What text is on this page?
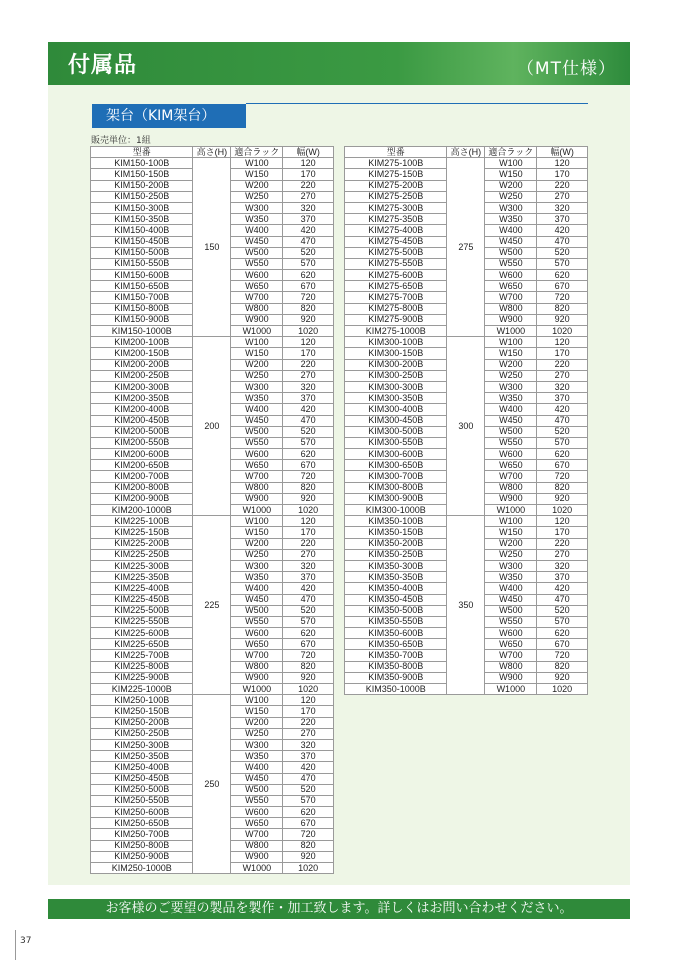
付属品	（MT仕様）
架台（KIM架台）
販売単位：1組
型番	高さ(H)	適合ラック	幅(W)
KIM150-100B	150	W100	120
KIM150-150B		W150	170
KIM150-200B		W200	220
KIM150-250B		W250	270
KIM150-300B		W300	320
KIM150-350B		W350	370
KIM150-400B		W400	420
KIM150-450B		W450	470
KIM150-500B		W500	520
KIM150-550B		W550	570
KIM150-600B		W600	620
KIM150-650B		W650	670
KIM150-700B		W700	720
KIM150-800B		W800	820
KIM150-900B		W900	920
KIM150-1000B		W1000	1020
KIM200-100B	200	W100	120
KIM200-150B		W150	170
KIM200-200B		W200	220
KIM200-250B		W250	270
KIM200-300B		W300	320
KIM200-350B		W350	370
KIM200-400B		W400	420
KIM200-450B		W450	470
KIM200-500B		W500	520
KIM200-550B		W550	570
KIM200-600B		W600	620
KIM200-650B		W650	670
KIM200-700B		W700	720
KIM200-800B		W800	820
KIM200-900B		W900	920
KIM200-1000B		W1000	1020
KIM225-100B	225	W100	120
KIM225-150B		W150	170
KIM225-200B		W200	220
KIM225-250B		W250	270
KIM225-300B		W300	320
KIM225-350B		W350	370
KIM225-400B		W400	420
KIM225-450B		W450	470
KIM225-500B		W500	520
KIM225-550B		W550	570
KIM225-600B		W600	620
KIM225-650B		W650	670
KIM225-700B		W700	720
KIM225-800B		W800	820
KIM225-900B		W900	920
KIM225-1000B		W1000	1020
KIM250-100B	250	W100	120
KIM250-150B		W150	170
KIM250-200B		W200	220
KIM250-250B		W250	270
KIM250-300B		W300	320
KIM250-350B		W350	370
KIM250-400B		W400	420
KIM250-450B		W450	470
KIM250-500B		W500	520
KIM250-550B		W550	570
KIM250-600B		W600	620
KIM250-650B		W650	670
KIM250-700B		W700	720
KIM250-800B		W800	820
KIM250-900B		W900	920
KIM250-1000B		W1000	1020
型番	高さ(H)	適合ラック	幅(W)
KIM275-100B	275	W100	120
KIM275-150B		W150	170
KIM275-200B		W200	220
KIM275-250B		W250	270
KIM275-300B		W300	320
KIM275-350B		W350	370
KIM275-400B		W400	420
KIM275-450B		W450	470
KIM275-500B		W500	520
KIM275-550B		W550	570
KIM275-600B		W600	620
KIM275-650B		W650	670
KIM275-700B		W700	720
KIM275-800B		W800	820
KIM275-900B		W900	920
KIM275-1000B		W1000	1020
KIM300-100B	300	W100	120
KIM300-150B		W150	170
KIM300-200B		W200	220
KIM300-250B		W250	270
KIM300-300B		W300	320
KIM300-350B		W350	370
KIM300-400B		W400	420
KIM300-450B		W450	470
KIM300-500B		W500	520
KIM300-550B		W550	570
KIM300-600B		W600	620
KIM300-650B		W650	670
KIM300-700B		W700	720
KIM300-800B		W800	820
KIM300-900B		W900	920
KIM300-1000B		W1000	1020
KIM350-100B	350	W100	120
KIM350-150B		W150	170
KIM350-200B		W200	220
KIM350-250B		W250	270
KIM350-300B		W300	320
KIM350-350B		W350	370
KIM350-400B		W400	420
KIM350-450B		W450	470
KIM350-500B		W500	520
KIM350-550B		W550	570
KIM350-600B		W600	620
KIM350-650B		W650	670
KIM350-700B		W700	720
KIM350-800B		W800	820
KIM350-900B		W900	920
KIM350-1000B		W1000	1020
お客様のご要望の製品を製作・加工致します。詳しくはお問い合わせください。
37
